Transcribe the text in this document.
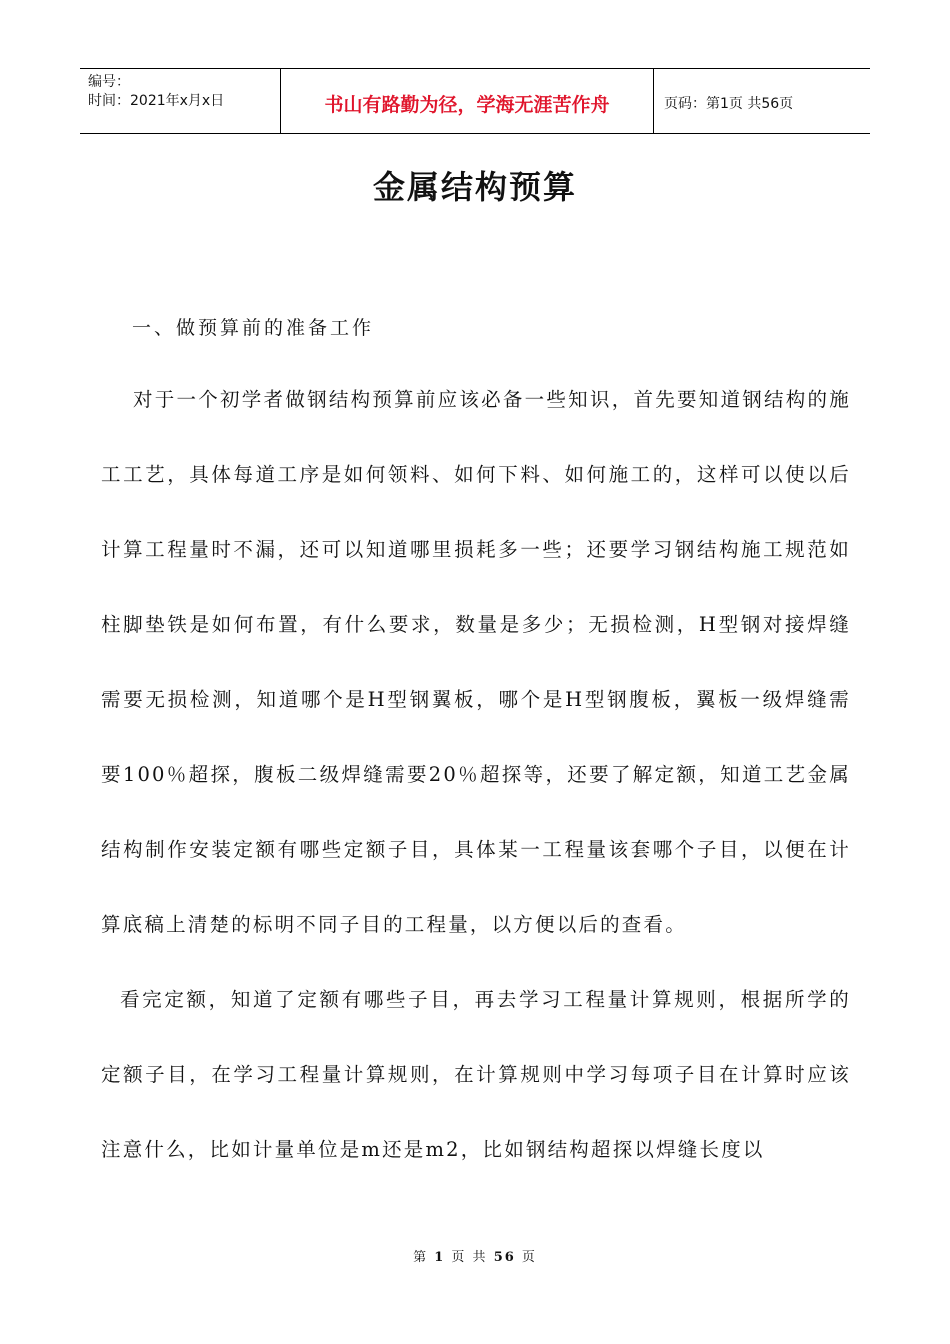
编号：
时间：2021年x月x日	书山有路勤为径，学海无涯苦作舟	页码：第1页 共56页
金属结构预算
一、做预算前的准备工作

对于一个初学者做钢结构预算前应该必备一些知识，首先要知道钢结构的施工工艺，具体每道工序是如何领料、如何下料、如何施工的，这样可以使以后计算工程量时不漏，还可以知道哪里损耗多一些；还要学习钢结构施工规范如柱脚垫铁是如何布置，有什么要求，数量是多少；无损检测，H型钢对接焊缝需要无损检测，知道哪个是H型钢翼板，哪个是H型钢腹板，翼板一级焊缝需要100％超探，腹板二级焊缝需要20％超探等，还要了解定额，知道工艺金属结构制作安装定额有哪些定额子目，具体某一工程量该套哪个子目，以便在计算底稿上清楚的标明不同子目的工程量，以方便以后的查看。

看完定额，知道了定额有哪些子目，再去学习工程量计算规则，根据所学的定额子目，在学习工程量计算规则，在计算规则中学习每项子目在计算时应该注意什么，比如计量单位是m还是m2，比如钢结构超探以焊缝长度以

第 1 页 共 56 页
